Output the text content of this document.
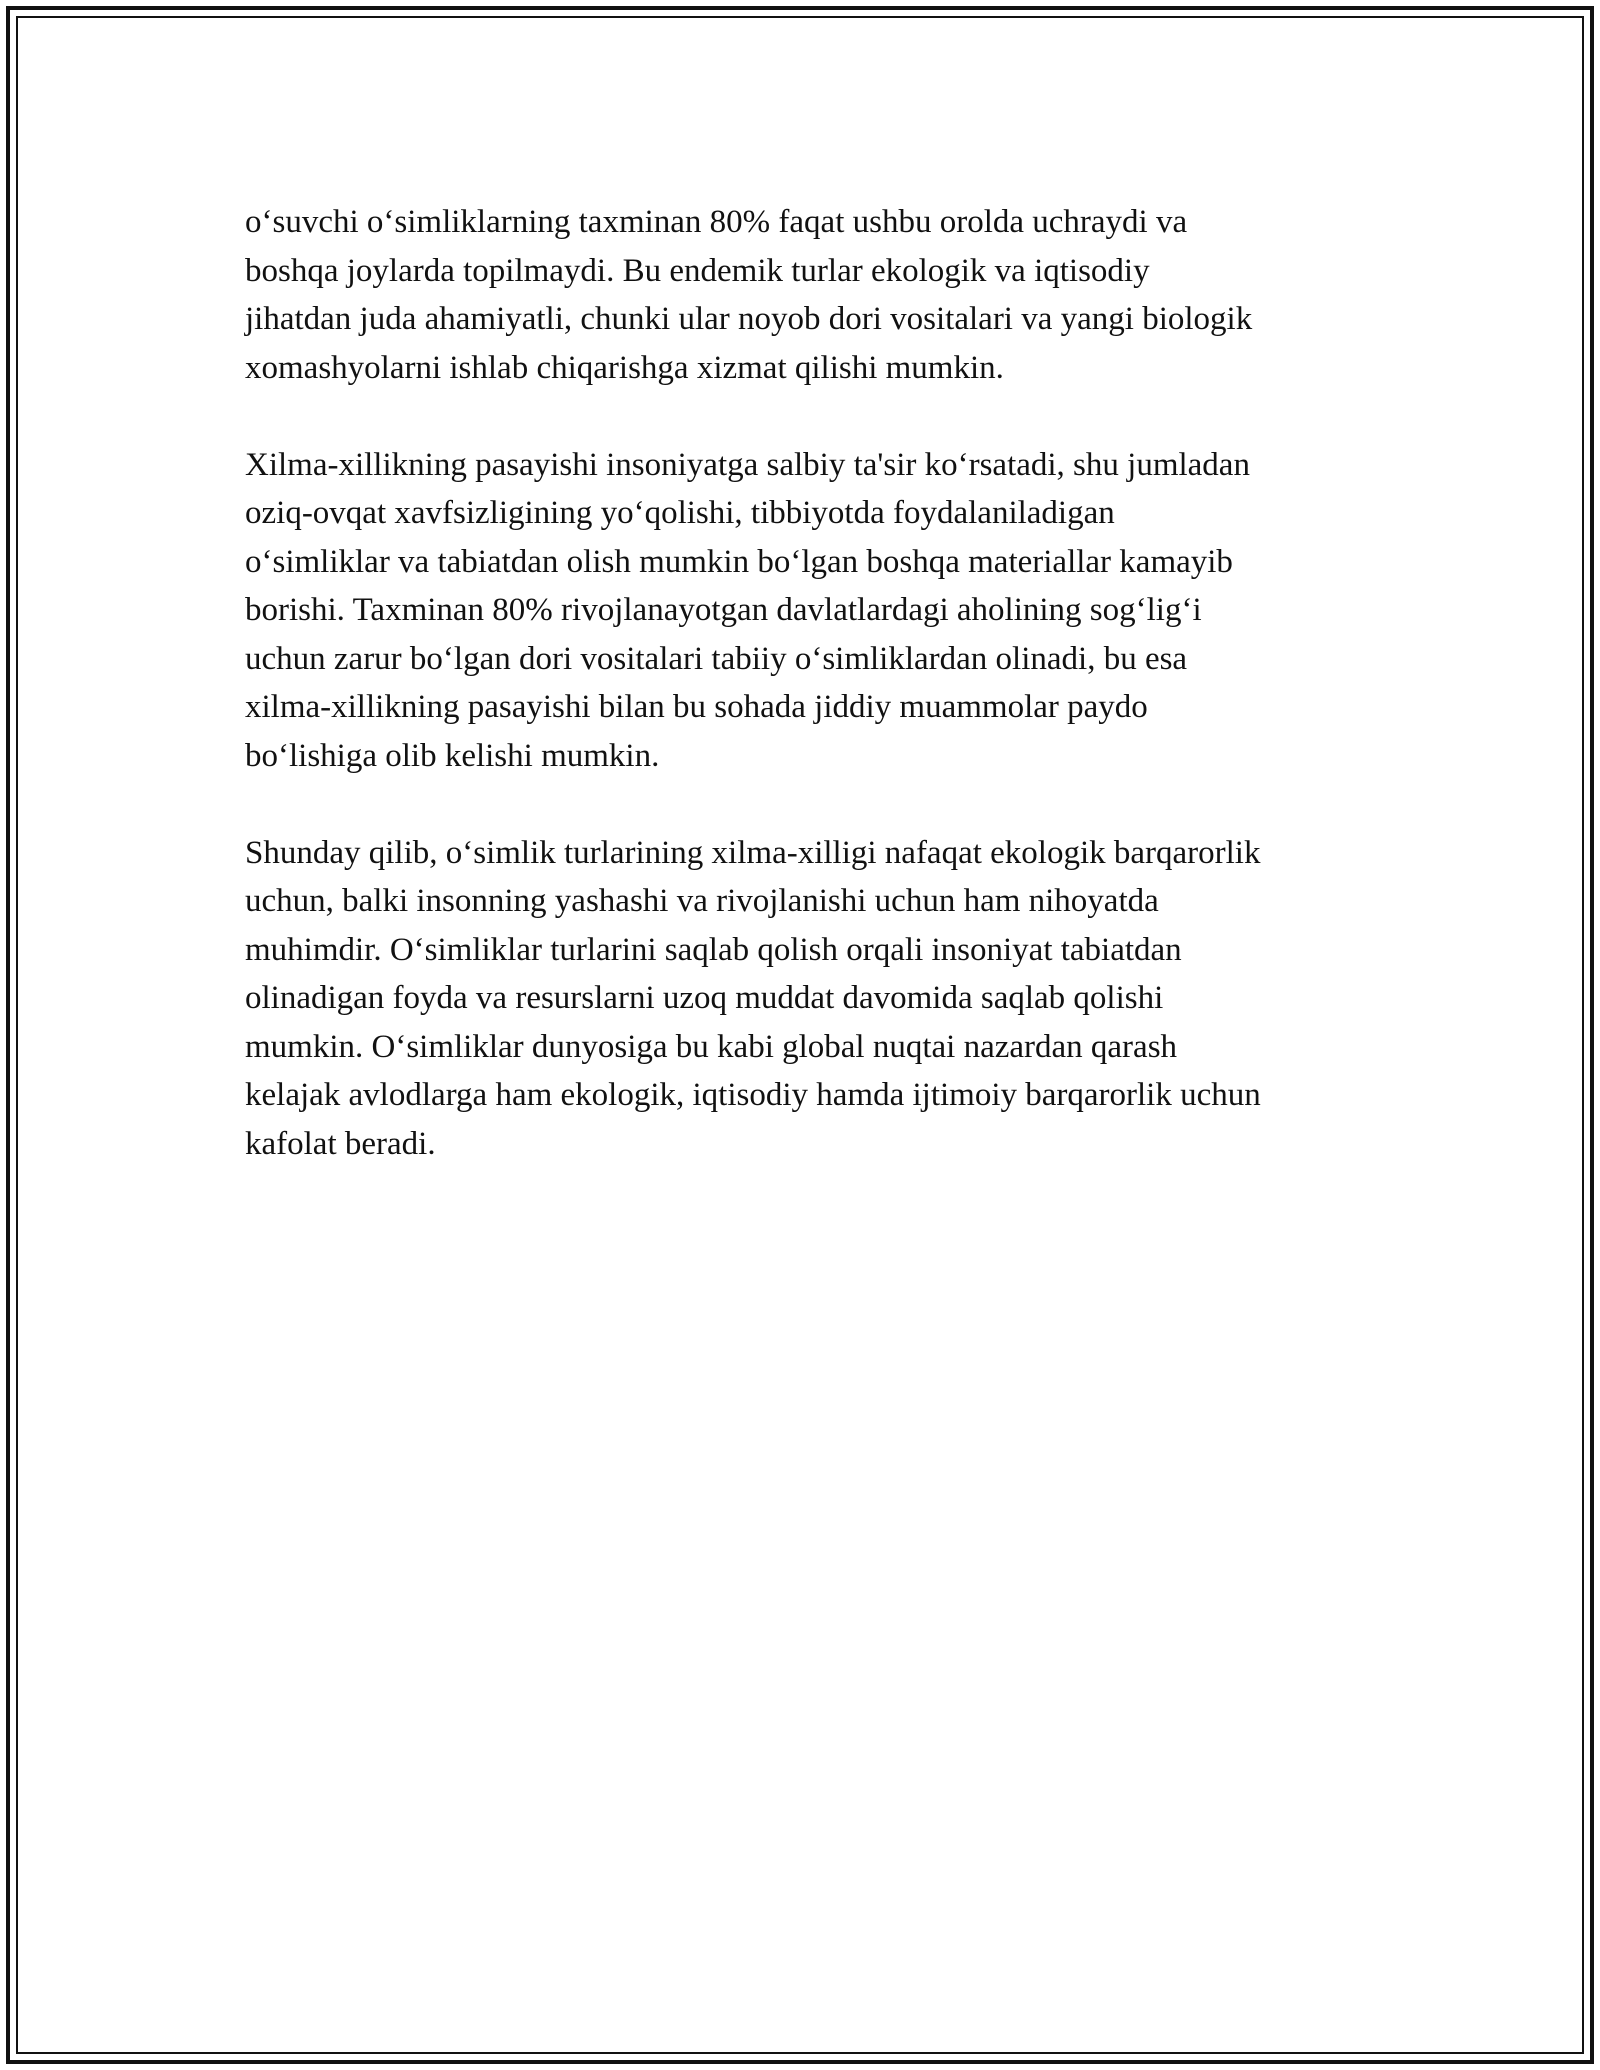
o‘suvchi o‘simliklarning taxminan 80% faqat ushbu orolda uchraydi va
boshqa joylarda topilmaydi. Bu endemik turlar ekologik va iqtisodiy
jihatdan juda ahamiyatli, chunki ular noyob dori vositalari va yangi biologik
xomashyolarni ishlab chiqarishga xizmat qilishi mumkin.

Xilma-xillikning pasayishi insoniyatga salbiy ta'sir ko‘rsatadi, shu jumladan
oziq-ovqat xavfsizligining yo‘qolishi, tibbiyotda foydalaniladigan
o‘simliklar va tabiatdan olish mumkin bo‘lgan boshqa materiallar kamayib
borishi. Taxminan 80% rivojlanayotgan davlatlardagi aholining sog‘lig‘i
uchun zarur bo‘lgan dori vositalari tabiiy o‘simliklardan olinadi, bu esa
xilma-xillikning pasayishi bilan bu sohada jiddiy muammolar paydo
bo‘lishiga olib kelishi mumkin.

Shunday qilib, o‘simlik turlarining xilma-xilligi nafaqat ekologik barqarorlik
uchun, balki insonning yashashi va rivojlanishi uchun ham nihoyatda
muhimdir. O‘simliklar turlarini saqlab qolish orqali insoniyat tabiatdan
olinadigan foyda va resurslarni uzoq muddat davomida saqlab qolishi
mumkin. O‘simliklar dunyosiga bu kabi global nuqtai nazardan qarash
kelajak avlodlarga ham ekologik, iqtisodiy hamda ijtimoiy barqarorlik uchun
kafolat beradi.
